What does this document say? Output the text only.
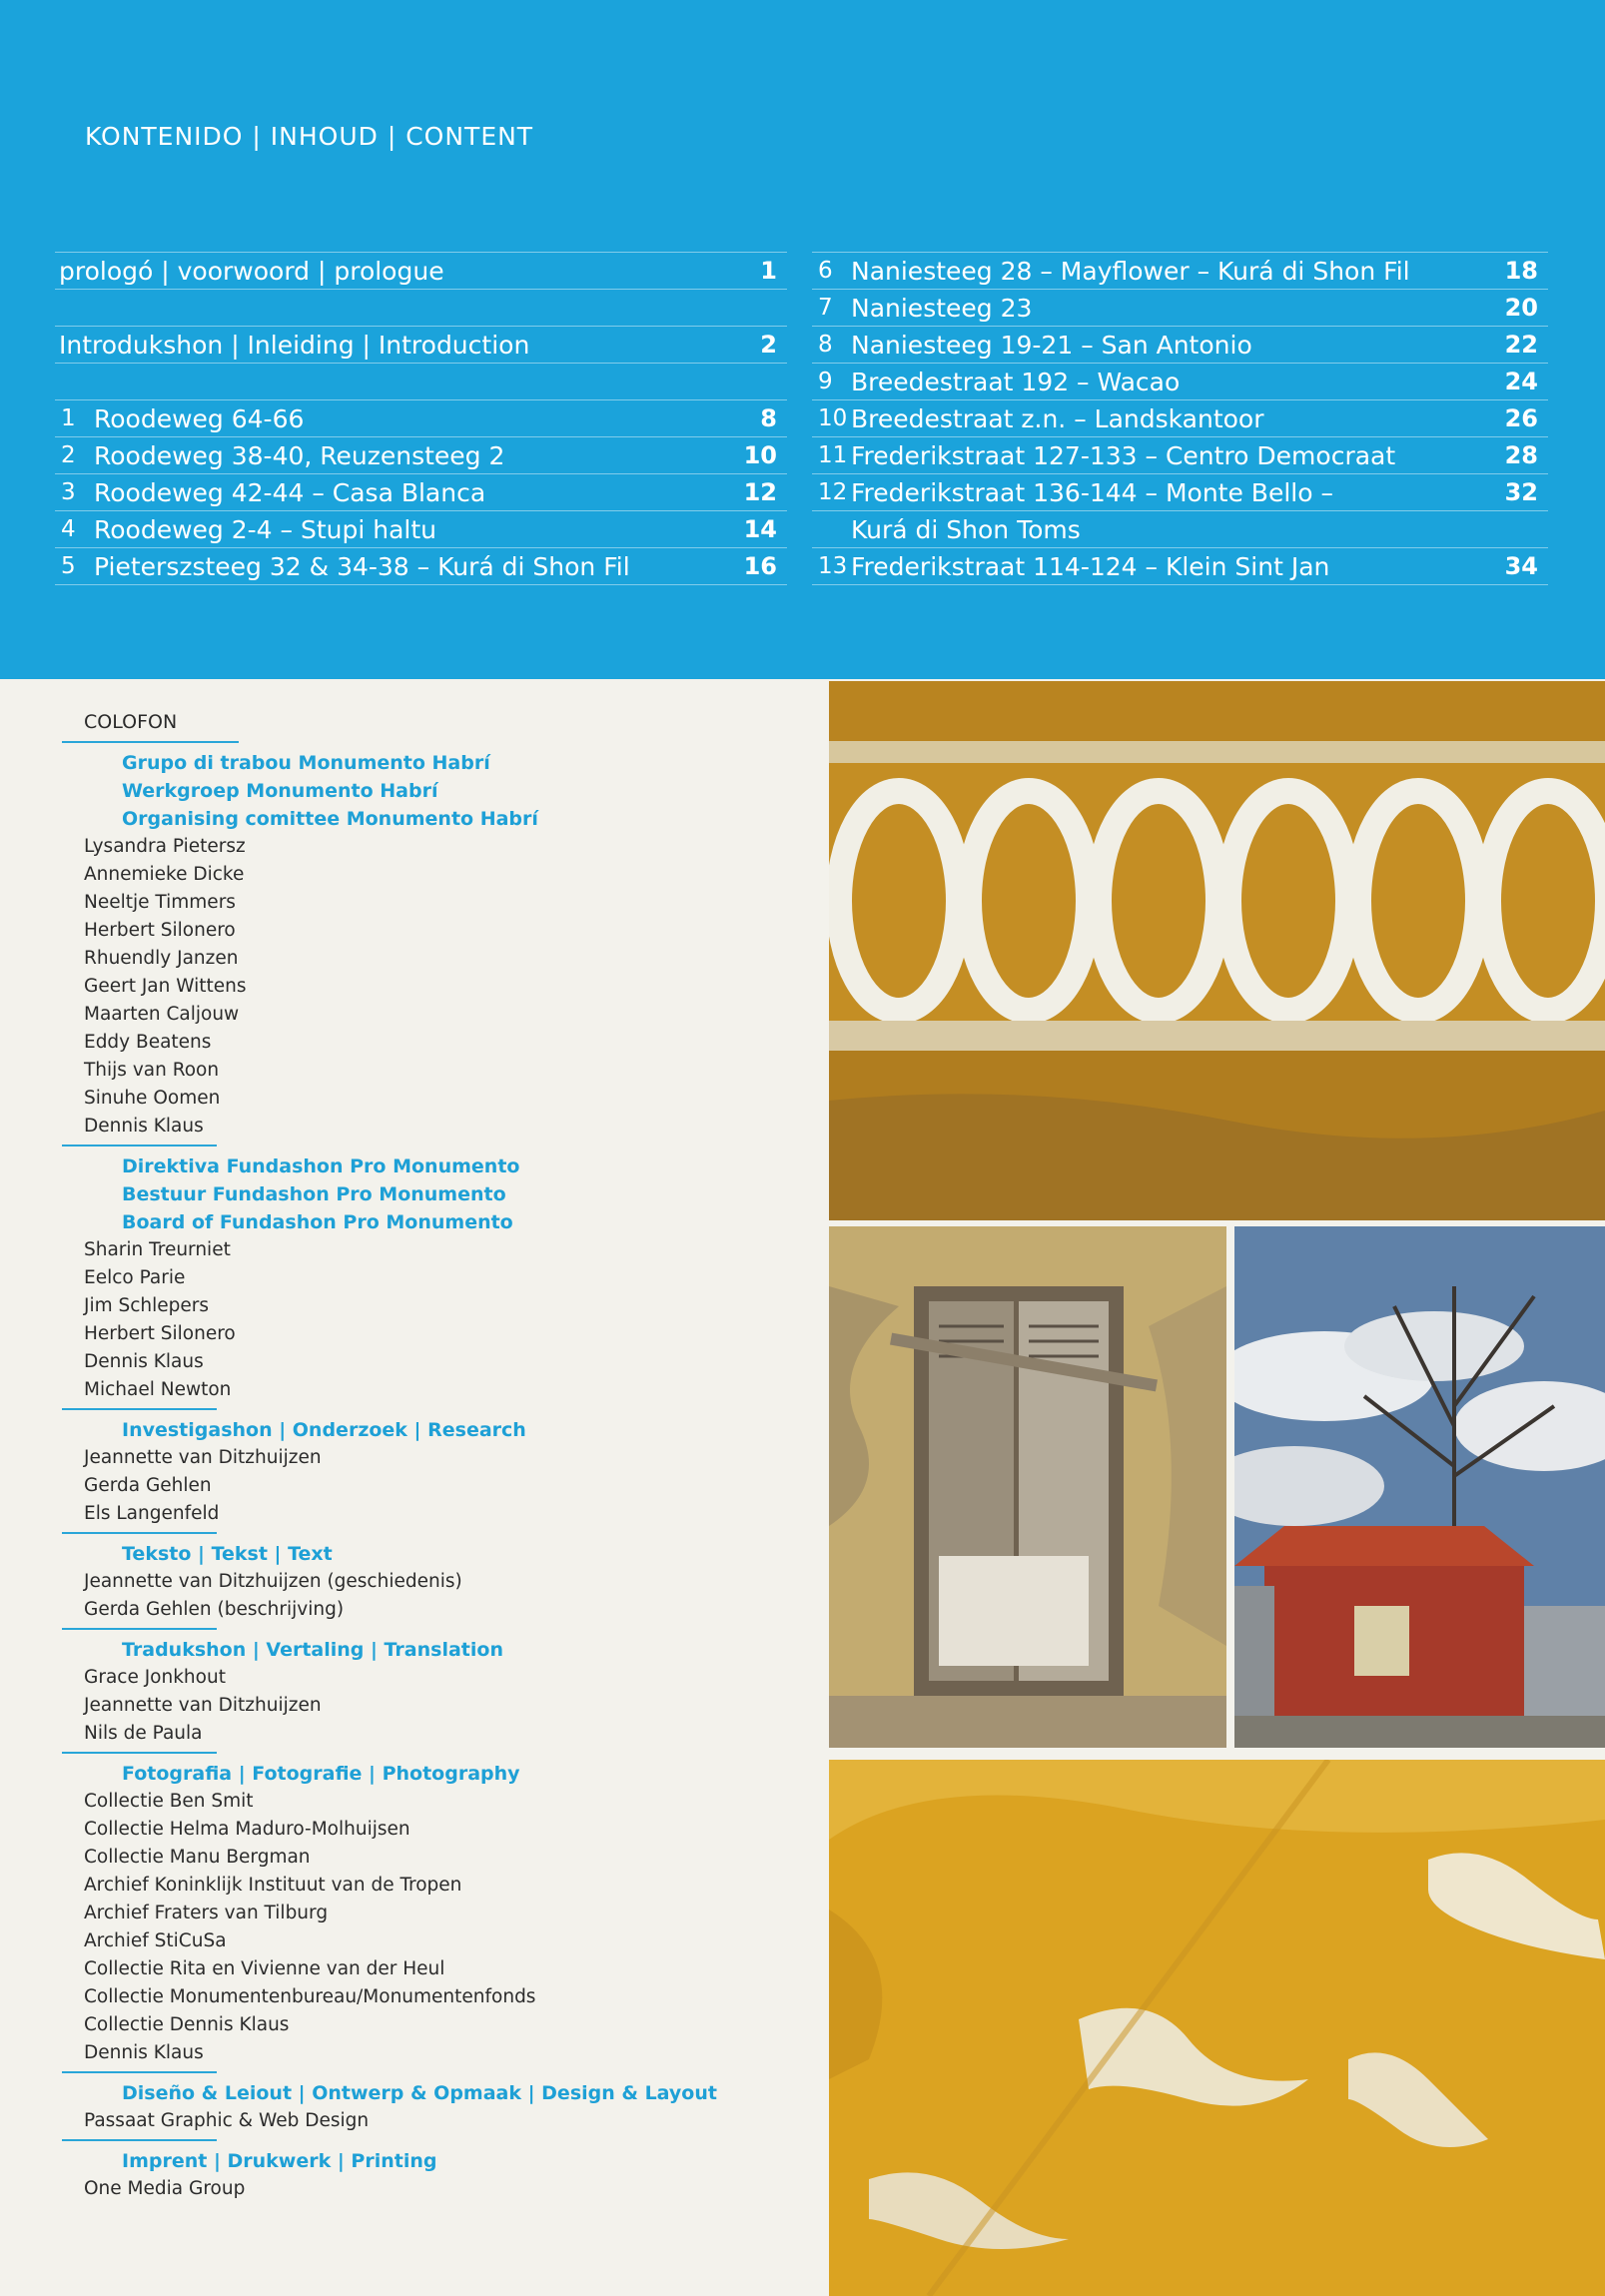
KONTENIDO | INHOUD | CONTENT
prologó | voorwoord | prologue	1
Introdukshon | Inleiding | Introduction	2
1 Roodeweg 64-66	8
2 Roodeweg 38-40, Reuzensteeg 2	10
3 Roodeweg 42-44 – Casa Blanca	12
4 Roodeweg 2-4 – Stupi haltu	14
5 Pieterszsteeg 32 & 34-38 – Kurá di Shon Fil	16
6 Naniesteeg 28 – Mayflower – Kurá di Shon Fil	18
7 Naniesteeg 23	20
8 Naniesteeg 19-21 – San Antonio	22
9 Breedestraat 192 – Wacao	24
10 Breedestraat z.n. – Landskantoor	26
11 Frederikstraat 127-133 – Centro Democraat	28
12 Frederikstraat 136-144 – Monte Bello –	32
Kurá di Shon Toms
13 Frederikstraat 114-124 – Klein Sint Jan	34
COLOFON
Grupo di trabou Monumento Habrí
Werkgroep Monumento Habrí
Organising comittee Monumento Habrí
Lysandra Pietersz
Annemieke Dicke
Neeltje Timmers
Herbert Silonero
Rhuendly Janzen
Geert Jan Wittens
Maarten Caljouw
Eddy Beatens
Thijs van Roon
Sinuhe Oomen
Dennis Klaus
Direktiva Fundashon Pro Monumento
Bestuur Fundashon Pro Monumento
Board of Fundashon Pro Monumento
Sharin Treurniet
Eelco Parie
Jim Schlepers
Herbert Silonero
Dennis Klaus
Michael Newton
Investigashon | Onderzoek | Research
Jeannette van Ditzhuijzen
Gerda Gehlen
Els Langenfeld
Teksto | Tekst | Text
Jeannette van Ditzhuijzen (geschiedenis)
Gerda Gehlen (beschrijving)
Tradukshon | Vertaling | Translation
Grace Jonkhout
Jeannette van Ditzhuijzen
Nils de Paula
Fotografia | Fotografie | Photography
Collectie Ben Smit
Collectie Helma Maduro-Molhuijsen
Collectie Manu Bergman
Archief Koninklijk Instituut van de Tropen
Archief Fraters van Tilburg
Archief StiCuSa
Collectie Rita en Vivienne van der Heul
Collectie Monumentenbureau/Monumentenfonds
Collectie Dennis Klaus
Dennis Klaus
Diseño & Leiout | Ontwerp & Opmaak | Design & Layout
Passaat Graphic & Web Design
Imprent | Drukwerk | Printing
One Media Group
